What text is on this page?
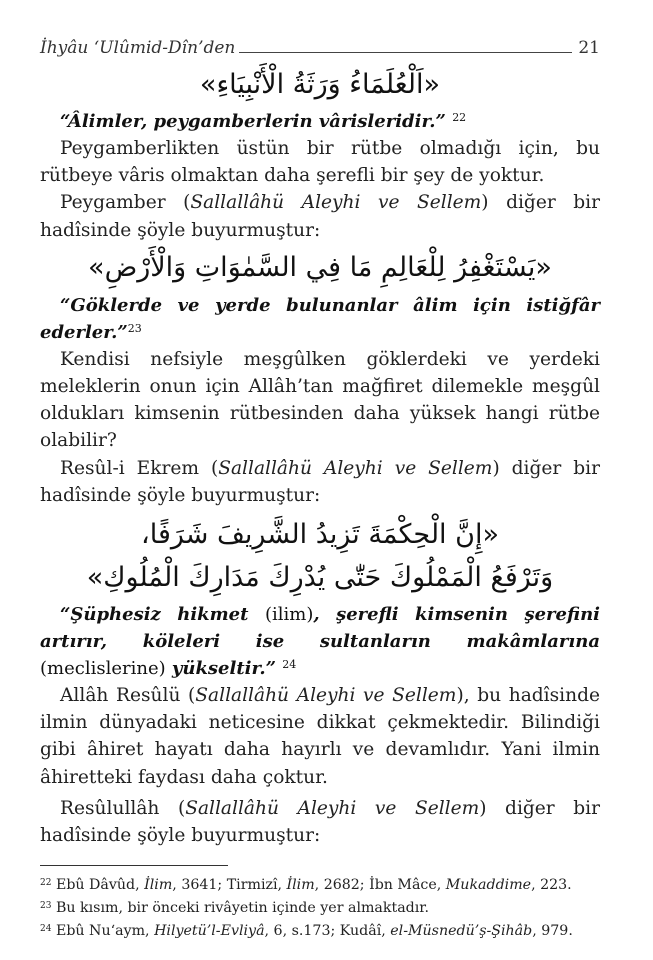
İhyâu ‘Ulûmid-Dîn’den	21
«اَلْعُلَمَاءُ وَرَثَةُ الْأَنْبِيَاءِ»

“Âlimler, peygamberlerin vârisleridir.” $^{22}$

Peygamberlikten üstün bir rütbe olmadığı için, bu rütbeye vâris olmaktan daha şerefli bir şey de yoktur.

Peygamber (Sallallâhü Aleyhi ve Sellem) diğer bir hadîsinde şöyle buyurmuştur:

«يَسْتَغْفِرُ لِلْعَالِمِ مَا فِي السَّمٰوَاتِ وَالْأَرْضِ»

“Göklerde ve yerde bulunanlar âlim için istiğfâr ederler.”$^{23}$

Kendisi nefsiyle meşgûlken göklerdeki ve yerdeki meleklerin onun için Allâh’tan mağfiret dilemekle meşgûl oldukları kimsenin rütbesinden daha yüksek hangi rütbe olabilir?

Resûl-i Ekrem (Sallallâhü Aleyhi ve Sellem) diğer bir hadîsinde şöyle buyurmuştur:

«إِنَّ الْحِكْمَةَ تَزِيدُ الشَّرِيفَ شَرَفًا،
وَتَرْفَعُ الْمَمْلُوكَ حَتّٰى يُدْرِكَ مَدَارِكَ الْمُلُوكِ»

“Şüphesiz hikmet (ilim), şerefli kimsenin şerefini artırır, köleleri ise sultanların makâmlarına (meclislerine) yükseltir.” $^{24}$

Allâh Resûlü (Sallallâhü Aleyhi ve Sellem), bu hadîsinde ilmin dünyadaki neticesine dikkat çekmektedir. Bilindiği gibi âhiret hayatı daha hayırlı ve devamlıdır. Yani ilmin âhiretteki faydası daha çoktur.

Resûlullâh (Sallallâhü Aleyhi ve Sellem) diğer bir hadîsinde şöyle buyurmuştur:

$^{22}$ Ebû Dâvûd, İlim, 3641; Tirmizî, İlim, 2682; İbn Mâce, Mukaddime, 223.

$^{23}$ Bu kısım, bir önceki rivâyetin içinde yer almaktadır.

$^{24}$ Ebû Nu‘aym, Hilyetü’l-Evliyâ, 6, s.173; Kudâî, el-Müsnedü’ş-Şihâb, 979.
